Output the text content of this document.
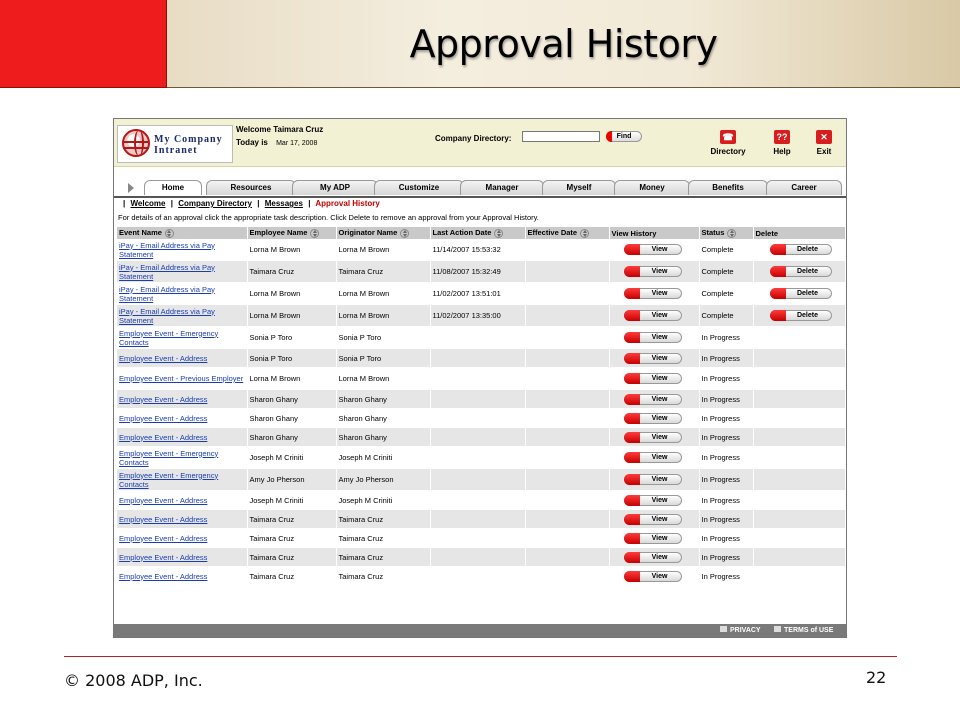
Approval History
My Company
Intranet
Welcome Taimara Cruz
Today is Mar 17, 2008
Company Directory:	Find	☎
Directory
??
Help
✕
Exit
Home	Resources	My ADP	Customize	Manager	Myself	Money	Benefits	Career
| Welcome | Company Directory | Messages | Approval History
For details of an approval click the appropriate task description. Click Delete to remove an approval from your Approval History.
Event Name	Employee Name	Originator Name	Last Action Date	Effective Date	View History	Status	Delete
iPay - Email Address via Pay Statement	Lorna M Brown	Lorna M Brown	11/14/2007 15:53:32		View	Complete	Delete
iPay - Email Address via Pay Statement	Taimara Cruz	Taimara Cruz	11/08/2007 15:32:49		View	Complete	Delete
iPay - Email Address via Pay Statement	Lorna M Brown	Lorna M Brown	11/02/2007 13:51:01		View	Complete	Delete
iPay - Email Address via Pay Statement	Lorna M Brown	Lorna M Brown	11/02/2007 13:35:00		View	Complete	Delete
Employee Event - Emergency Contacts	Sonia P Toro	Sonia P Toro			View	In Progress	
Employee Event - Address	Sonia P Toro	Sonia P Toro			View	In Progress	
Employee Event - Previous Employer	Lorna M Brown	Lorna M Brown			View	In Progress	
Employee Event - Address	Sharon Ghany	Sharon Ghany			View	In Progress	
Employee Event - Address	Sharon Ghany	Sharon Ghany			View	In Progress	
Employee Event - Address	Sharon Ghany	Sharon Ghany			View	In Progress	
Employee Event - Emergency Contacts	Joseph M Criniti	Joseph M Criniti			View	In Progress	
Employee Event - Emergency Contacts	Amy Jo Pherson	Amy Jo Pherson			View	In Progress	
Employee Event - Address	Joseph M Criniti	Joseph M Criniti			View	In Progress	
Employee Event - Address	Taimara Cruz	Taimara Cruz			View	In Progress	
Employee Event - Address	Taimara Cruz	Taimara Cruz			View	In Progress	
Employee Event - Address	Taimara Cruz	Taimara Cruz			View	In Progress	
Employee Event - Address	Taimara Cruz	Taimara Cruz			View	In Progress	
PRIVACY	TERMS of USE
© 2008 ADP, Inc.	22
